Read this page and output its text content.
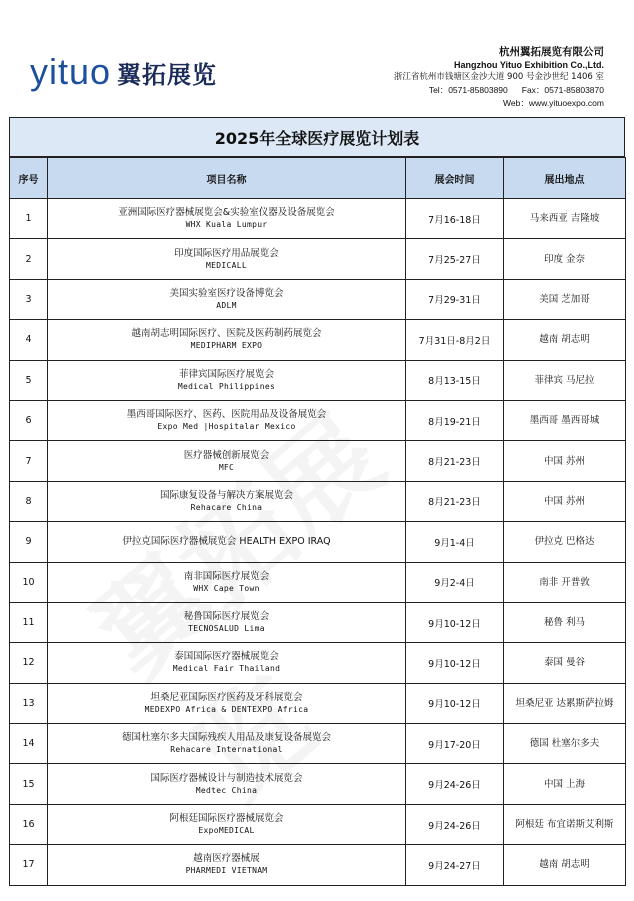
yituo 翼拓展览
杭州翼拓展览有限公司
Hangzhou Yituo Exhibition Co.,Ltd.
浙江省杭州市钱塘区金沙大道 900 号金沙世纪 1406 室
Tel：0571-85803890 Fax：0571-85803870
Web：www.yituoexpo.com
2025年全球医疗展览计划表
序号	项目名称	展会时间	展出地点

1	亚洲国际医疗器械展览会&实验室仪器及设备展览会
WHX Kuala Lumpur	7月16-18日	马来西亚 吉隆坡

2	印度国际医疗用品展览会
MEDICALL	7月25-27日	印度 金奈

3	美国实验室医疗设备博览会
ADLM	7月29-31日	美国 芝加哥

4	越南胡志明国际医疗、医院及医药制药展览会
MEDIPHARM EXPO	7月31日-8月2日	越南 胡志明

5	菲律宾国际医疗展览会
Medical Philippines	8月13-15日	菲律宾 马尼拉

6	墨西哥国际医疗、医药、医院用品及设备展览会
Expo Med |Hospitalar Mexico	8月19-21日	墨西哥 墨西哥城

7	医疗器械创新展览会
MFC	8月21-23日	中国 苏州

8	国际康复设备与解决方案展览会
Rehacare China	8月21-23日	中国 苏州

9	伊拉克国际医疗器械展览会 HEALTH EXPO IRAQ	9月1-4日	伊拉克 巴格达

10	南非国际医疗展览会
WHX Cape Town	9月2-4日	南非 开普敦

11	秘鲁国际医疗展览会
TECNOSALUD Lima	9月10-12日	秘鲁 利马

12	泰国国际医疗器械展览会
Medical Fair Thailand	9月10-12日	泰国 曼谷

13	坦桑尼亚国际医疗医药及牙科展览会
MEDEXPO Africa & DENTEXPO Africa	9月10-12日	坦桑尼亚 达累斯萨拉姆

14	德国杜塞尔多夫国际残疾人用品及康复设备展览会
Rehacare International	9月17-20日	德国 杜塞尔多夫

15	国际医疗器械设计与制造技术展览会
Medtec China	9月24-26日	中国 上海

16	阿根廷国际医疗器械展览会
ExpoMEDICAL	9月24-26日	阿根廷 布宜诺斯艾利斯

17	越南医疗器械展
PHARMEDI VIETNAM	9月24-27日	越南 胡志明
